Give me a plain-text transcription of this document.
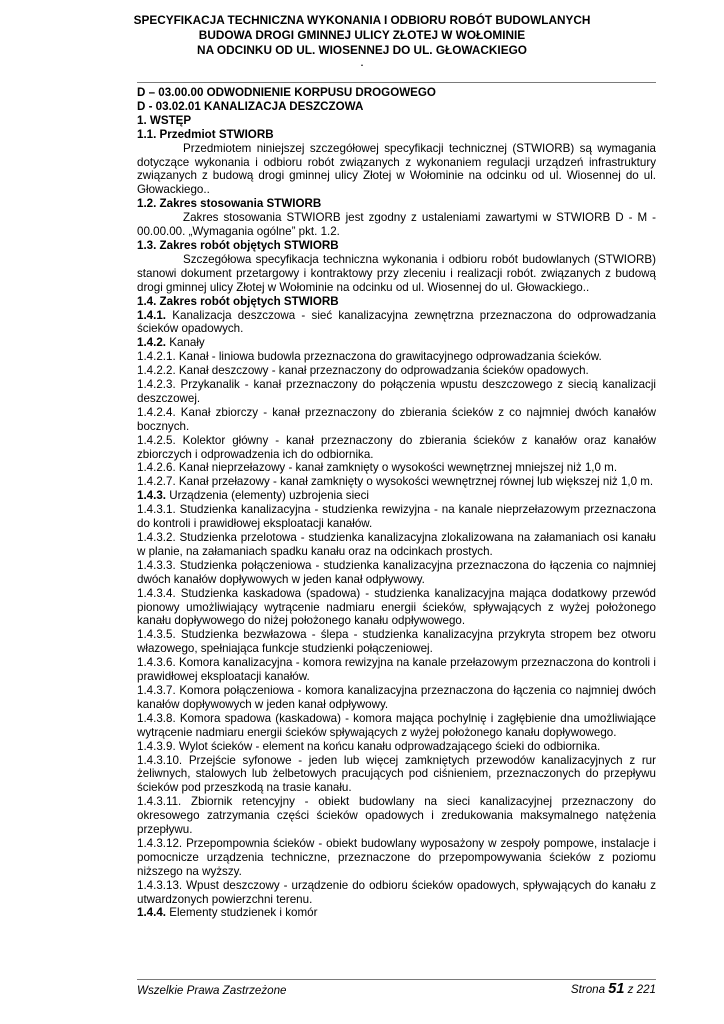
SPECYFIKACJA TECHNICZNA WYKONANIA I ODBIORU ROBÓT BUDOWLANYCH
BUDOWA DROGI GMINNEJ ULICY ZŁOTEJ W WOŁOMINIE
NA ODCINKU OD UL. WIOSENNEJ DO UL. GŁOWACKIEGO
.

D – 03.00.00 ODWODNIENIE KORPUSU DROGOWEGO

D - 03.02.01 KANALIZACJA DESZCZOWA

1. WSTĘP

1.1. Przedmiot STWIORB

Przedmiotem niniejszej szczegółowej specyfikacji technicznej (STWIORB) są wymagania dotyczące wykonania i odbioru robót związanych z wykonaniem regulacji urządzeń infrastruktury związanych z budową drogi gminnej ulicy Złotej w Wołominie na odcinku od ul. Wiosennej do ul. Głowackiego..

1.2. Zakres stosowania STWIORB

Zakres stosowania STWIORB jest zgodny z ustaleniami zawartymi w STWIORB D - M - 00.00.00. „Wymagania ogólne” pkt. 1.2.

1.3. Zakres robót objętych STWIORB

Szczegółowa specyfikacja techniczna wykonania i odbioru robót budowlanych (STWIORB) stanowi dokument przetargowy i kontraktowy przy zleceniu i realizacji robót. związanych z budową drogi gminnej ulicy Złotej w Wołominie na odcinku od ul. Wiosennej do ul. Głowackiego..

1.4. Zakres robót objętych STWIORB

1.4.1. Kanalizacja deszczowa - sieć kanalizacyjna zewnętrzna przeznaczona do odprowadzania ścieków opadowych.

1.4.2. Kanały

1.4.2.1. Kanał - liniowa budowla przeznaczona do grawitacyjnego odprowadzania ścieków.

1.4.2.2. Kanał deszczowy - kanał przeznaczony do odprowadzania ścieków opadowych.

1.4.2.3. Przykanalik - kanał przeznaczony do połączenia wpustu deszczowego z siecią kanalizacji deszczowej.

1.4.2.4. Kanał zbiorczy - kanał przeznaczony do zbierania ścieków z co najmniej dwóch kanałów bocznych.

1.4.2.5. Kolektor główny - kanał przeznaczony do zbierania ścieków z kanałów oraz kanałów zbiorczych i odprowadzenia ich do odbiornika.

1.4.2.6. Kanał nieprzełazowy - kanał zamknięty o wysokości wewnętrznej mniejszej niż 1,0 m.

1.4.2.7. Kanał przełazowy - kanał zamknięty o wysokości wewnętrznej równej lub większej niż 1,0 m.

1.4.3. Urządzenia (elementy) uzbrojenia sieci

1.4.3.1. Studzienka kanalizacyjna - studzienka rewizyjna - na kanale nieprzełazowym przeznaczona do kontroli i prawidłowej eksploatacji kanałów.

1.4.3.2. Studzienka przelotowa - studzienka kanalizacyjna zlokalizowana na załamaniach osi kanału w planie, na załamaniach spadku kanału oraz na odcinkach prostych.

1.4.3.3. Studzienka połączeniowa - studzienka kanalizacyjna przeznaczona do łączenia co najmniej dwóch kanałów dopływowych w jeden kanał odpływowy.

1.4.3.4. Studzienka kaskadowa (spadowa) - studzienka kanalizacyjna mająca dodatkowy przewód pionowy umożliwiający wytrącenie nadmiaru energii ścieków, spływających z wyżej położonego kanału dopływowego do niżej położonego kanału odpływowego.

1.4.3.5. Studzienka bezwłazowa - ślepa - studzienka kanalizacyjna przykryta stropem bez otworu włazowego, spełniająca funkcje studzienki połączeniowej.

1.4.3.6. Komora kanalizacyjna - komora rewizyjna na kanale przełazowym przeznaczona do kontroli i prawidłowej eksploatacji kanałów.

1.4.3.7. Komora połączeniowa - komora kanalizacyjna przeznaczona do łączenia co najmniej dwóch kanałów dopływowych w jeden kanał odpływowy.

1.4.3.8. Komora spadowa (kaskadowa) - komora mająca pochylnię i zagłębienie dna umożliwiające wytrącenie nadmiaru energii ścieków spływających z wyżej położonego kanału dopływowego.

1.4.3.9. Wylot ścieków - element na końcu kanału odprowadzającego ścieki do odbiornika.

1.4.3.10. Przejście syfonowe - jeden lub więcej zamkniętych przewodów kanalizacyjnych z rur żeliwnych, stalowych lub żelbetowych pracujących pod ciśnieniem, przeznaczonych do przepływu ścieków pod przeszkodą na trasie kanału.

1.4.3.11. Zbiornik retencyjny - obiekt budowlany na sieci kanalizacyjnej przeznaczony do okresowego zatrzymania części ścieków opadowych i zredukowania maksymalnego natężenia przepływu.

1.4.3.12. Przepompownia ścieków - obiekt budowlany wyposażony w zespoły pompowe, instalacje i pomocnicze urządzenia techniczne, przeznaczone do przepompowywania ścieków z poziomu niższego na wyższy.

1.4.3.13. Wpust deszczowy - urządzenie do odbioru ścieków opadowych, spływających do kanału z utwardzonych powierzchni terenu.

1.4.4. Elementy studzienek i komór

Wszelkie Prawa Zastrzeżone	Strona 51 z 221
